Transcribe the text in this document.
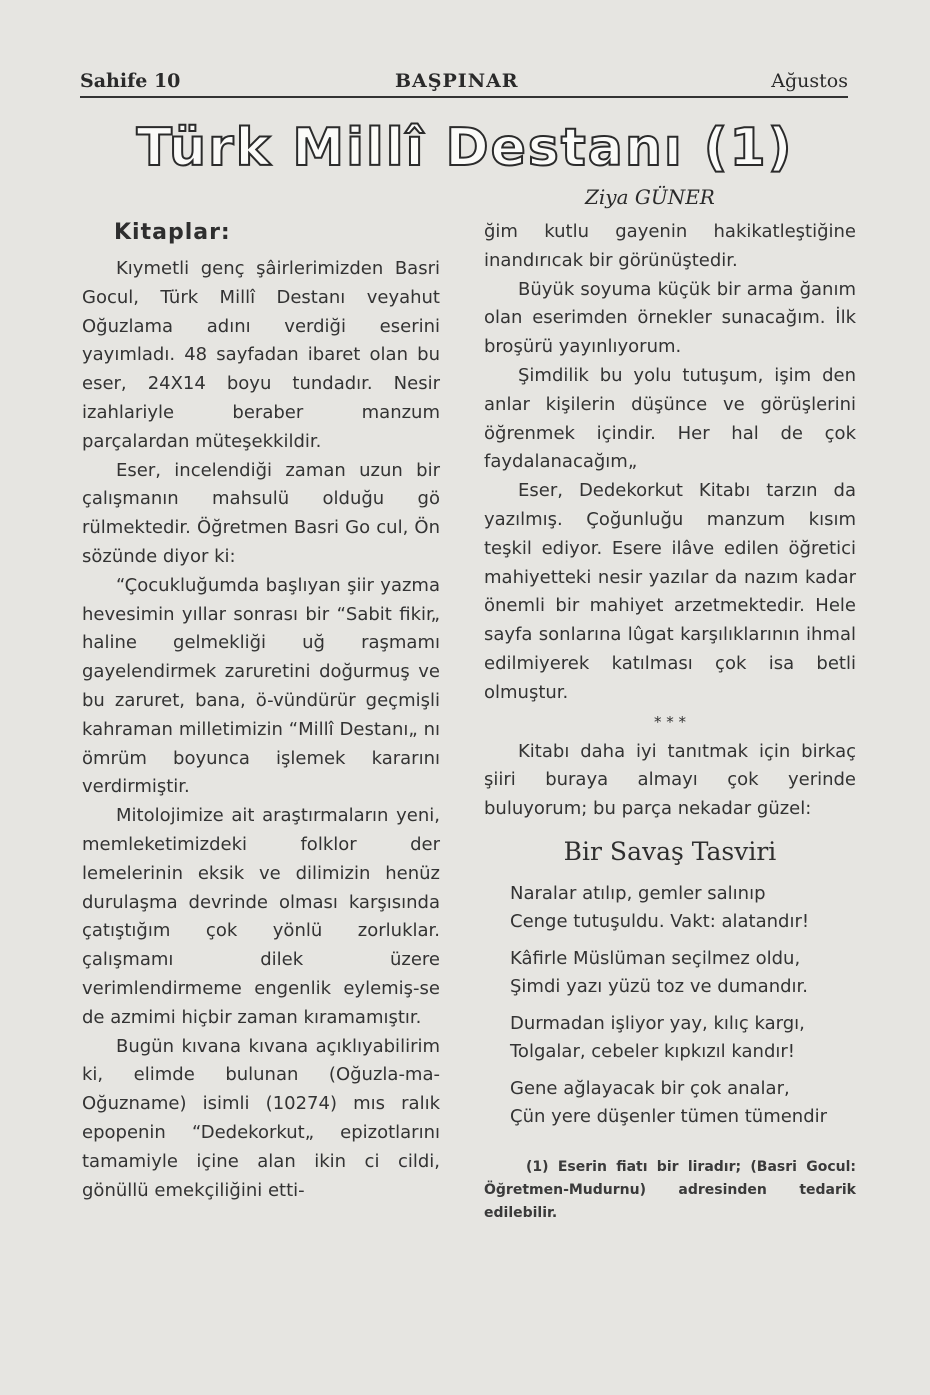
Sahife 10	BAŞPINAR	Ağustos
Türk Millî Destanı (1)
Ziya GÜNER
Kitaplar:

Kıymetli genç şâirlerimizden Basri Gocul, Türk Millî Destanı veyahut Oğuzlama adını verdiği eserini yayımladı. 48 sayfadan ibaret olan bu eser, 24X14 boyu tundadır. Nesir izahlariyle beraber manzum parçalardan müteşekkildir.

Eser, incelendiği zaman uzun bir çalışmanın mahsulü olduğu gö rülmektedir. Öğretmen Basri Go cul, Ön sözünde diyor ki:

“Çocukluğumda başlıyan şiir yazma hevesimin yıllar sonrası bir “Sabit fikir„ haline gelmekliği uğ raşmamı gayelendirmek zaruretini doğurmuş ve bu zaruret, bana, ö-vündürür geçmişli kahraman milletimizin “Millî Destanı„ nı ömrüm boyunca işlemek kararını verdirmiştir.

Mitolojimize ait araştırmaların yeni, memleketimizdeki folklor der lemelerinin eksik ve dilimizin henüz durulaşma devrinde olması karşısında çatıştığım çok yönlü zorluklar. çalışmamı dilek üzere verimlendirmeme engenlik eylemiş-se de azmimi hiçbir zaman kıramamıştır.

Bugün kıvana kıvana açıklıyabilirim ki, elimde bulunan (Oğuzla-ma-Oğuzname) isimli (10274) mıs ralık epopenin “Dedekorkut„ epizotlarını tamamiyle içine alan ikin ci cildi, gönüllü emekçiliğini etti-

ğim kutlu gayenin hakikatleştiğine inandırıcak bir görünüştedir.

Büyük soyuma küçük bir arma ğanım olan eserimden örnekler sunacağım. İlk broşürü yayınlıyorum.

Şimdilik bu yolu tutuşum, işim den anlar kişilerin düşünce ve görüşlerini öğrenmek içindir. Her hal de çok faydalanacağım„

Eser, Dedekorkut Kitabı tarzın da yazılmış. Çoğunluğu manzum kısım teşkil ediyor. Esere ilâve edilen öğretici mahiyetteki nesir yazılar da nazım kadar önemli bir mahiyet arzetmektedir. Hele sayfa sonlarına lûgat karşılıklarının ihmal edilmiyerek katılması çok isa betli olmuştur.

* * *

Kitabı daha iyi tanıtmak için birkaç şiiri buraya almayı çok yerinde buluyorum; bu parça nekadar güzel:

Bir Savaş Tasviri
Naralar atılıp, gemler salınıp
Cenge tutuşuldu. Vakt: alatandır!
Kâfirle Müslüman seçilmez oldu,
Şimdi yazı yüzü toz ve dumandır.
Durmadan işliyor yay, kılıç kargı,
Tolgalar, cebeler kıpkızıl kandır!
Gene ağlayacak bir çok analar,
Çün yere düşenler tümen tümendir
(1) Eserin fiatı bir liradır; (Basri Gocul: Öğretmen-Mudurnu) adresinden tedarik edilebilir.
